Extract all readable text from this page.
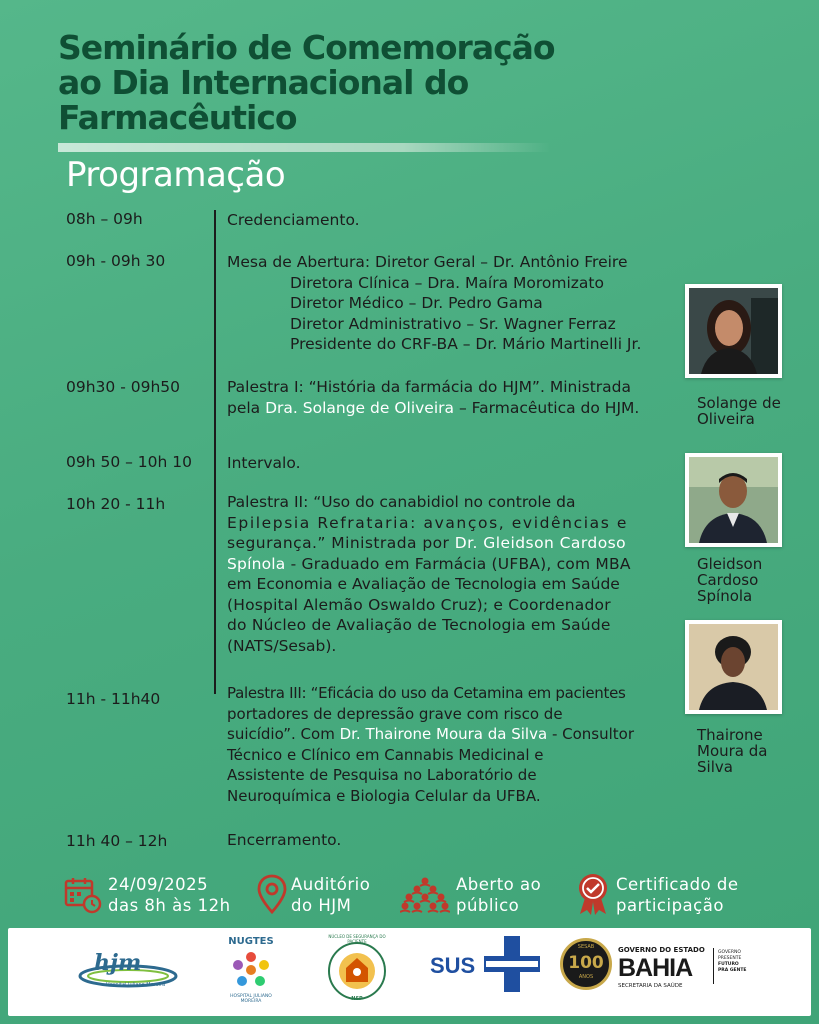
Seminário de Comemoração
ao Dia Internacional do
Farmacêutico
Programação
08h – 09h	Credenciamento.
09h - 09h 30	Mesa de Abertura: Diretor Geral – Dr. Antônio Freire
Diretora Clínica – Dra. Maíra Moromizato
Diretor Médico – Dr. Pedro Gama
Diretor Administrativo – Sr. Wagner Ferraz
Presidente do CRF-BA – Dr. Mário Martinelli Jr.
09h30 - 09h50	Palestra I: “História da farmácia do HJM”. Ministrada
pela Dra. Solange de Oliveira – Farmacêutica do HJM.
09h 50 – 10h 10 Intervalo.
10h 20 - 11h	Palestra II: “Uso do canabidiol no controle da
Epilepsia Refrataria: avanços, evidências e
segurança.” Ministrada por Dr. Gleidson Cardoso
Spínola - Graduado em Farmácia (UFBA), com MBA
em Economia e Avaliação de Tecnologia em Saúde
(Hospital Alemão Oswaldo Cruz); e Coordenador
do Núcleo de Avaliação de Tecnologia em Saúde
(NATS/Sesab).
11h - 11h40	Palestra III: “Eficácia do uso da Cetamina em pacientes
portadores de depressão grave com risco de
suicídio”. Com Dr. Thairone Moura da Silva - Consultor
Técnico e Clínico em Cannabis Medicinal e
Assistente de Pesquisa no Laboratório de
Neuroquímica e Biologia Celular da UFBA.
11h 40 – 12h	Encerramento.
Solange de
Oliveira
Gleidson
Cardoso
Spínola
Thairone
Moura da
Silva
24/09/2025
das 8h às 12h
Auditório
do HJM
Aberto ao
público
Certificado de
participação
hjm
Hospital Juliano Moreira
NUGTES
HOSPITAL JULIANO MOREIRA
NÚCLEO DE SEGURANÇA DO PACIENTE
NSP
SUS
SESAB
100
ANOS
GOVERNO DO ESTADO
BAHIA
SECRETARIA DA SAÚDE
GOVERNO
PRESENTE
FUTURO
PRA GENTE
